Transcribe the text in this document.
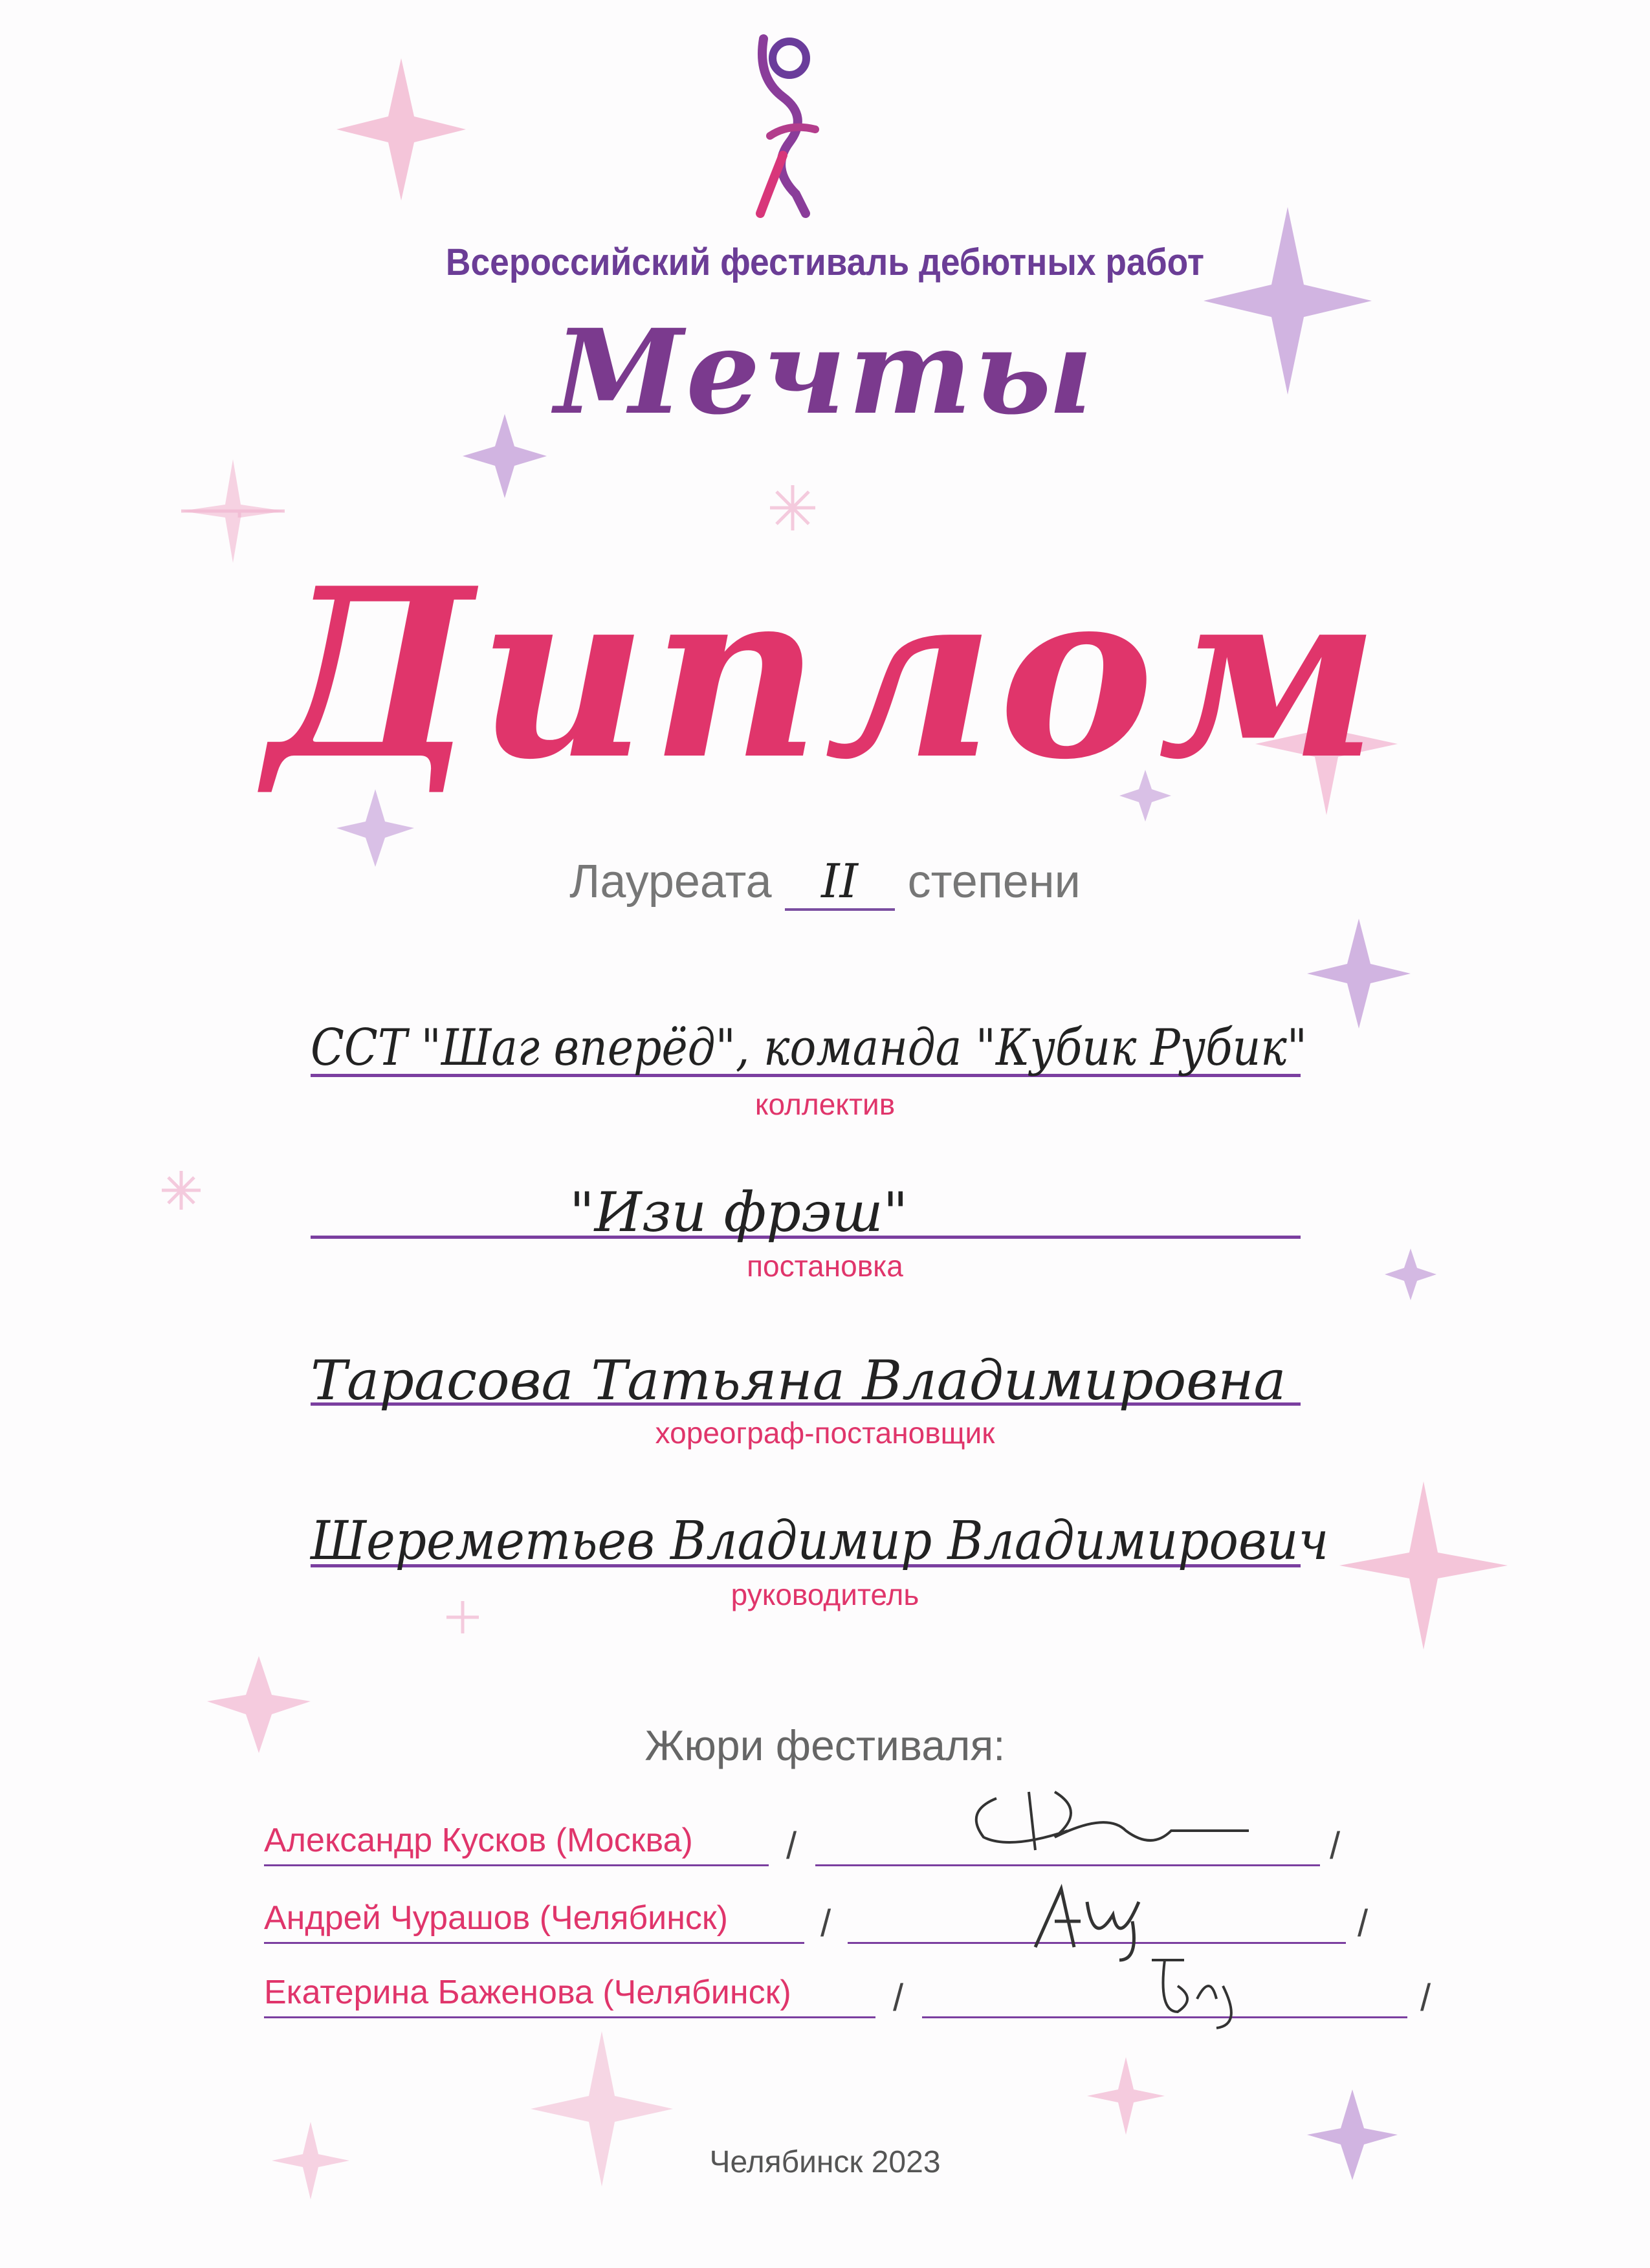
Всероссийский фестиваль дебютных работ
Мечты
Диплом
Лауреата II степени
ССТ "Шаг вперёд", команда "Кубик Рубик"
коллектив
"Изи фрэш"
постановка
Тарасова Татьяна Владимировна
хореограф-постановщик
Шереметьев Владимир Владимирович
руководитель
Жюри фестиваля:
Александр Кусков (Москва) /	/
Андрей Чурашов (Челябинск) /	/
Екатерина Баженова (Челябинск)	/	/
Челябинск 2023
